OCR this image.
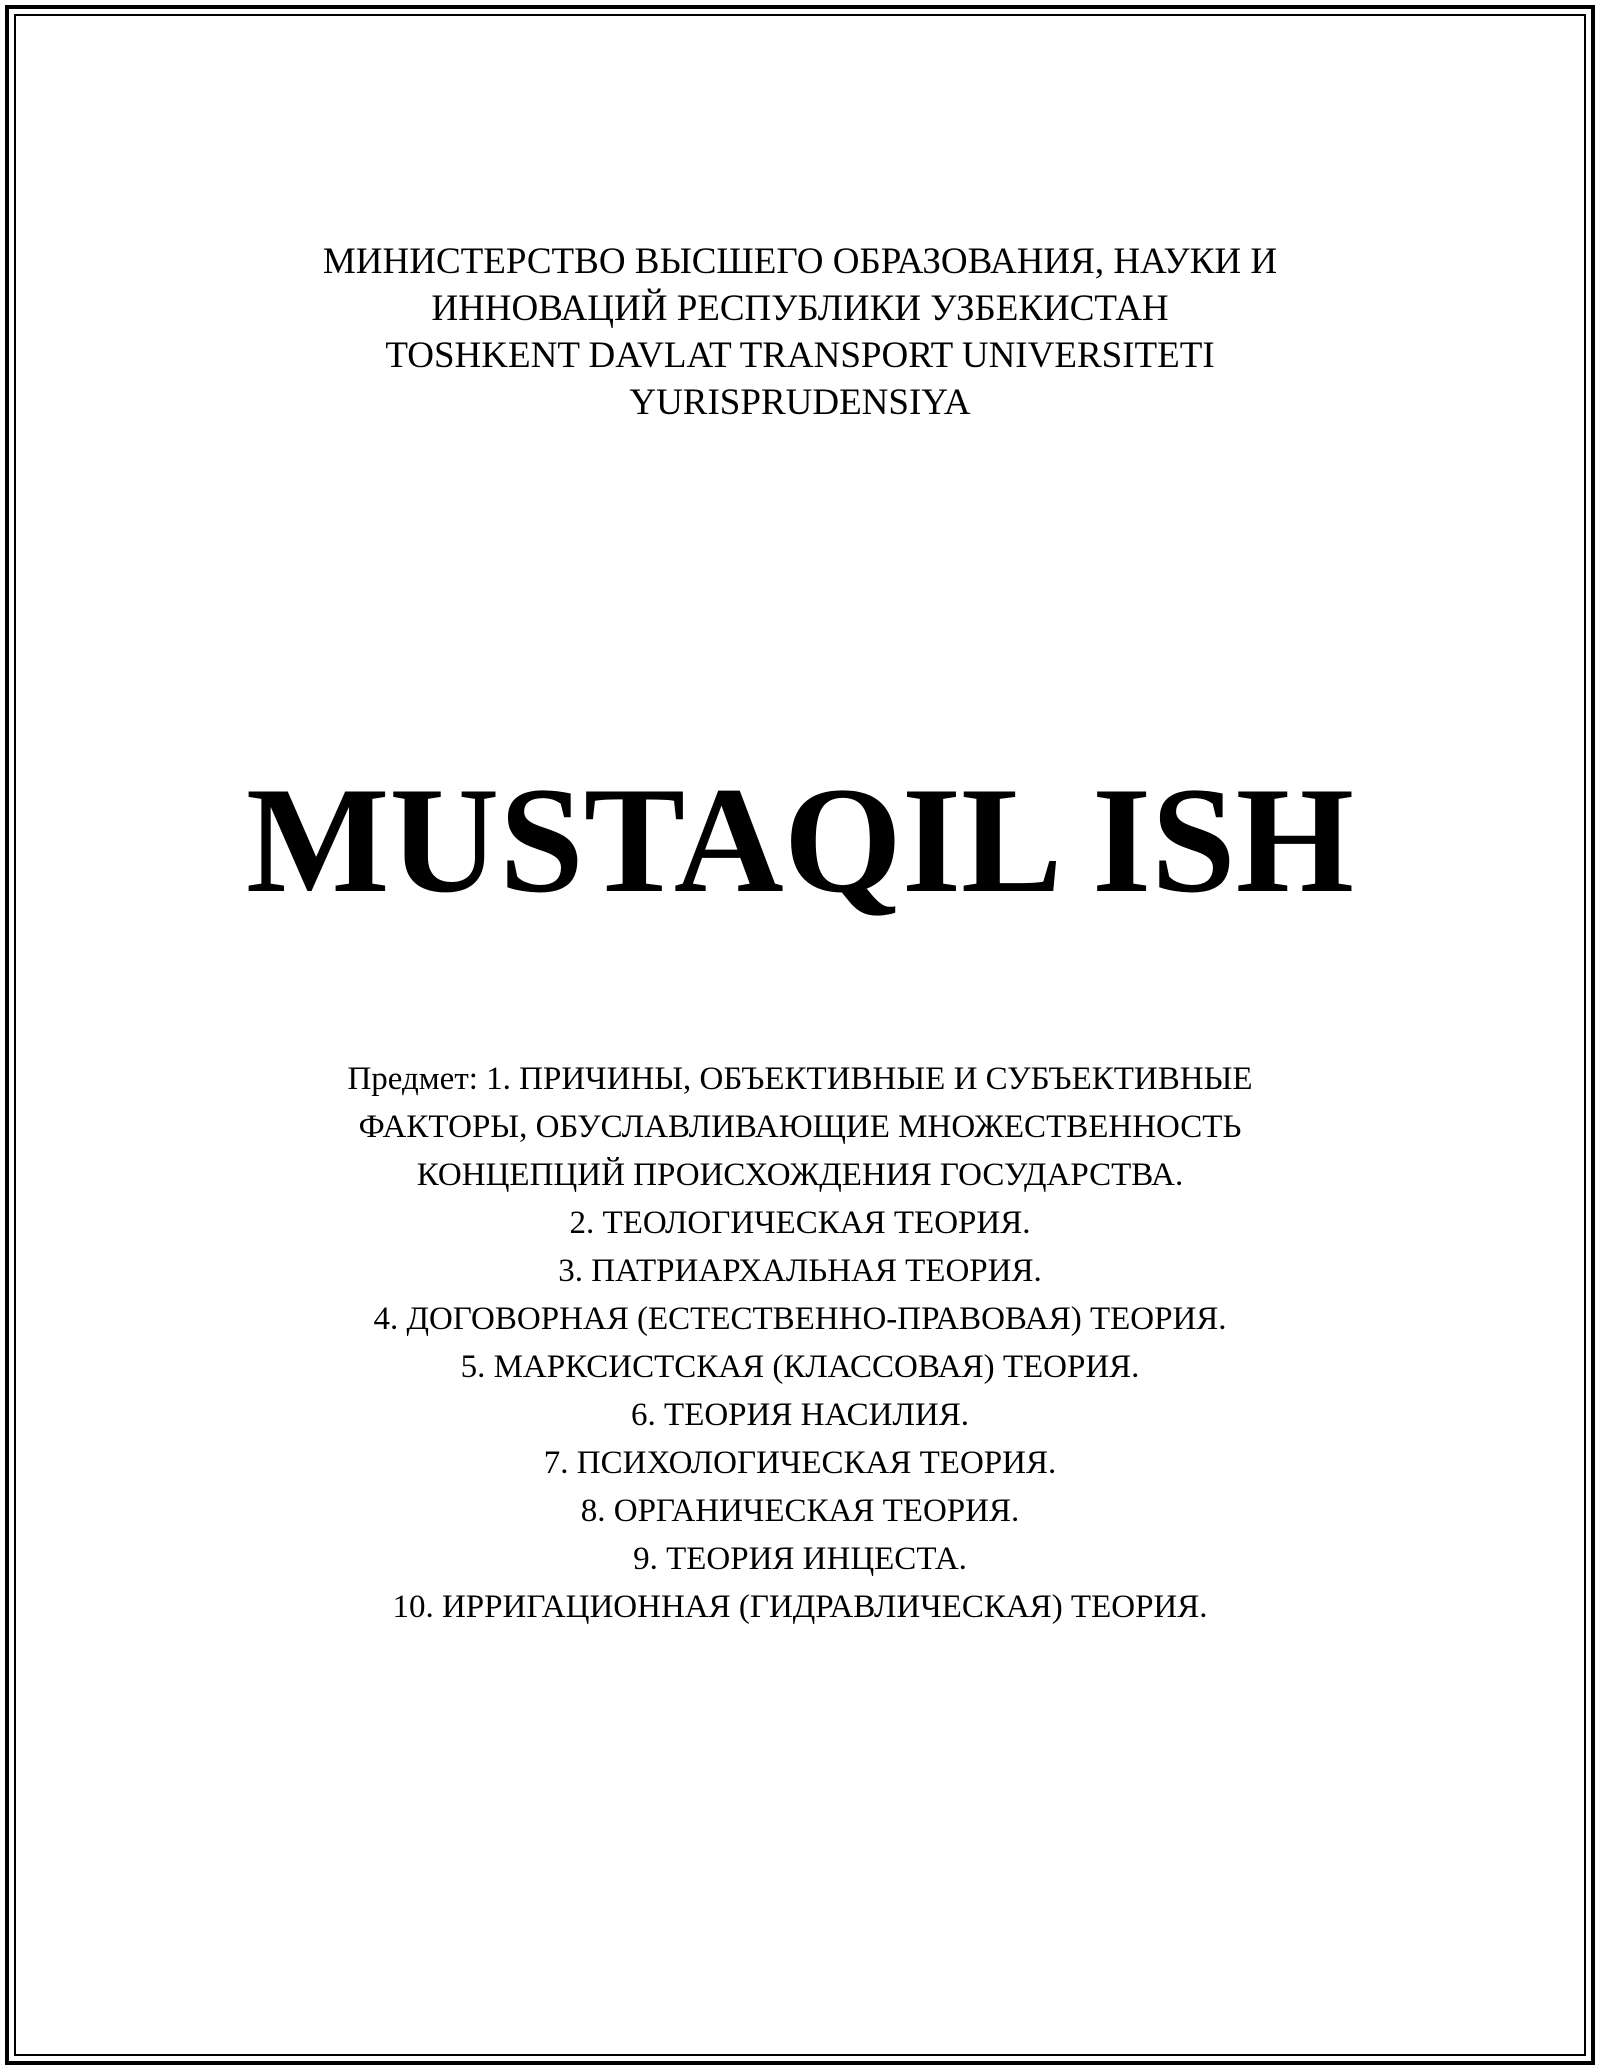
МИНИСТЕРСТВО ВЫСШЕГО ОБРАЗОВАНИЯ, НАУКИ И
ИННОВАЦИЙ РЕСПУБЛИКИ УЗБЕКИСТАН
TOSHKENT DAVLAT TRANSPORT UNIVERSITETI
YURISPRUDENSIYA
MUSTAQIL ISH
Предмет: 1. ПРИЧИНЫ, ОБЪЕКТИВНЫЕ И СУБЪЕКТИВНЫЕ
ФАКТОРЫ, ОБУСЛАВЛИВАЮЩИЕ МНОЖЕСТВЕННОСТЬ
КОНЦЕПЦИЙ ПРОИСХОЖДЕНИЯ ГОСУДАРСТВА.
2. ТЕОЛОГИЧЕСКАЯ ТЕОРИЯ.
3. ПАТРИАРХАЛЬНАЯ ТЕОРИЯ.
4. ДОГОВОРНАЯ (ЕСТЕСТВЕННО-ПРАВОВАЯ) ТЕОРИЯ.
5. МАРКСИСТСКАЯ (КЛАССОВАЯ) ТЕОРИЯ.
6. ТЕОРИЯ НАСИЛИЯ.
7. ПСИХОЛОГИЧЕСКАЯ ТЕОРИЯ.
8. ОРГАНИЧЕСКАЯ ТЕОРИЯ.
9. ТЕОРИЯ ИНЦЕСТА.
10. ИРРИГАЦИОННАЯ (ГИДРАВЛИЧЕСКАЯ) ТЕОРИЯ.
